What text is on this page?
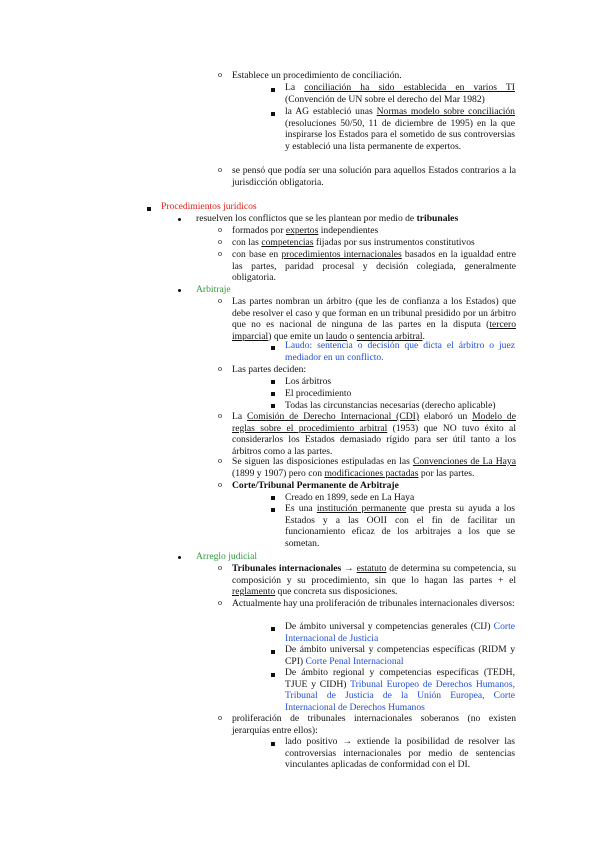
o Establece un procedimiento de conciliación.
La conciliación ha sido establecida en varios TI (Convención de UN sobre el derecho del Mar 1982)
la AG estableció unas Normas modelo sobre conciliación (resoluciones 50/50, 11 de diciembre de 1995) en la que inspirarse los Estados para el sometido de sus controversias y estableció una lista permanente de expertos.
o se pensó que podía ser una solución para aquellos Estados contrarios a la jurisdicción obligatoria.
Procedimientos jurídicos
resuelven los conflictos que se les plantean por medio de tribunales
o formados por expertos independientes
o con las competencias fijadas por sus instrumentos constitutivos
o con base en procedimientos internacionales basados en la igualdad entre las partes, paridad procesal y decisión colegiada, generalmente obligatoria.
Arbitraje
o Las partes nombran un árbitro (que les de confianza a los Estados) que debe resolver el caso y que forman en un tribunal presidido por un árbitro que no es nacional de ninguna de las partes en la disputa (tercero imparcial) que emite un laudo o sentencia arbitral.
Laudo: sentencia o decisión que dicta el árbitro o juez mediador en un conflicto.
o Las partes deciden:
Los árbitros
El procedimiento
Todas las circunstancias necesarias (derecho aplicable)
o La Comisión de Derecho Internacional (CDI) elaboró un Modelo de reglas sobre el procedimiento arbitral (1953) que NO tuvo éxito al considerarlos los Estados demasiado rígido para ser útil tanto a los árbitros como a las partes.
o Se siguen las disposiciones estipuladas en las Convenciones de La Haya (1899 y 1907) pero con modificaciones pactadas por las partes.
o Corte/Tribunal Permanente de Arbitraje
Creado en 1899, sede en La Haya
Es una institución permanente que presta su ayuda a los Estados y a las OOII con el fin de facilitar un funcionamiento eficaz de los arbitrajes a los que se sometan.
Arreglo judicial
o Tribunales internacionales → estatuto de determina su competencia, su composición y su procedimiento, sin que lo hagan las partes + el reglamento que concreta sus disposiciones.
o Actualmente hay una proliferación de tribunales internacionales diversos:
De ámbito universal y competencias generales (CIJ) Corte Internacional de Justicia
De ámbito universal y competencias específicas (RIDM y CPI) Corte Penal Internacional
De ámbito regional y competencias específicas (TEDH, TJUE y CIDH) Tribunal Europeo de Derechos Humanos, Tribunal de Justicia de la Unión Europea, Corte Internacional de Derechos Humanos
o proliferación de tribunales internacionales soberanos (no existen jerarquías entre ellos):
lado positivo → extiende la posibilidad de resolver las controversias internacionales por medio de sentencias vinculantes aplicadas de conformidad con el DI.
